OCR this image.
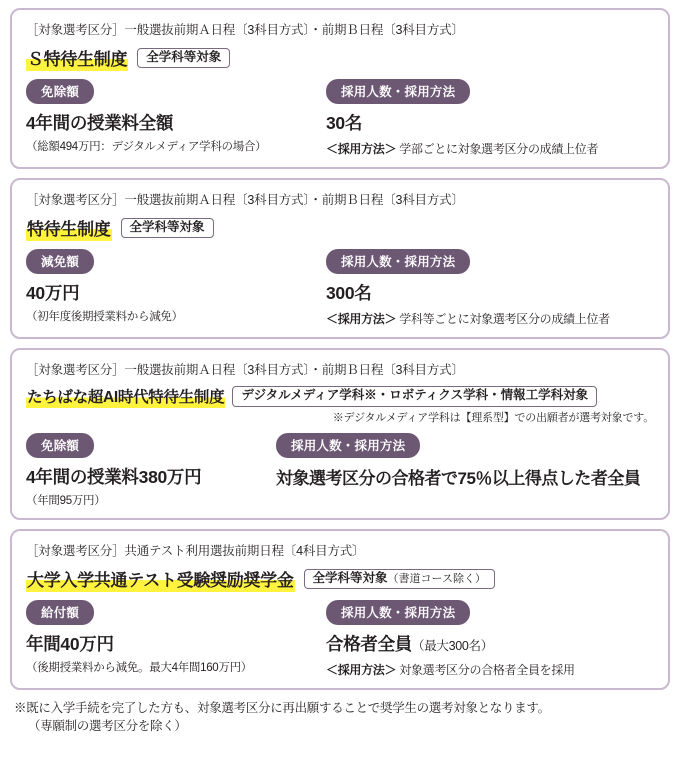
［対象選考区分］一般選抜前期Ａ日程〔3科目方式〕・前期Ｂ日程〔3科目方式〕
Ｓ特待生制度	全学科等対象
免除額
4年間の授業料全額
（総額494万円：デジタルメディア学科の場合）
採用人数・採用方法
30名
＜採用方法＞ 学部ごとに対象選考区分の成績上位者
［対象選考区分］一般選抜前期Ａ日程〔3科目方式〕・前期Ｂ日程〔3科目方式〕
特待生制度	全学科等対象
減免額
40万円
（初年度後期授業料から減免）
採用人数・採用方法
300名
＜採用方法＞ 学科等ごとに対象選考区分の成績上位者
［対象選考区分］一般選抜前期Ａ日程〔3科目方式〕・前期Ｂ日程〔3科目方式〕
たちばな超AI時代特待生制度	デジタルメディア学科※・ロボティクス学科・情報工学科対象
※デジタルメディア学科は【理系型】での出願者が選考対象です。
免除額
4年間の授業料380万円
（年間95万円）
採用人数・採用方法
対象選考区分の合格者で75％以上得点した者全員
［対象選考区分］共通テスト利用選抜前期日程〔4科目方式〕
大学入学共通テスト受験奨励奨学金	全学科等対象（書道コース除く）
給付額
年間40万円
（後期授業料から減免。最大4年間160万円）
採用人数・採用方法
合格者全員（最大300名）
＜採用方法＞ 対象選考区分の合格者全員を採用
※既に入学手続を完了した方も、対象選考区分に再出願することで奨学生の選考対象となります。
（専願制の選考区分を除く）
